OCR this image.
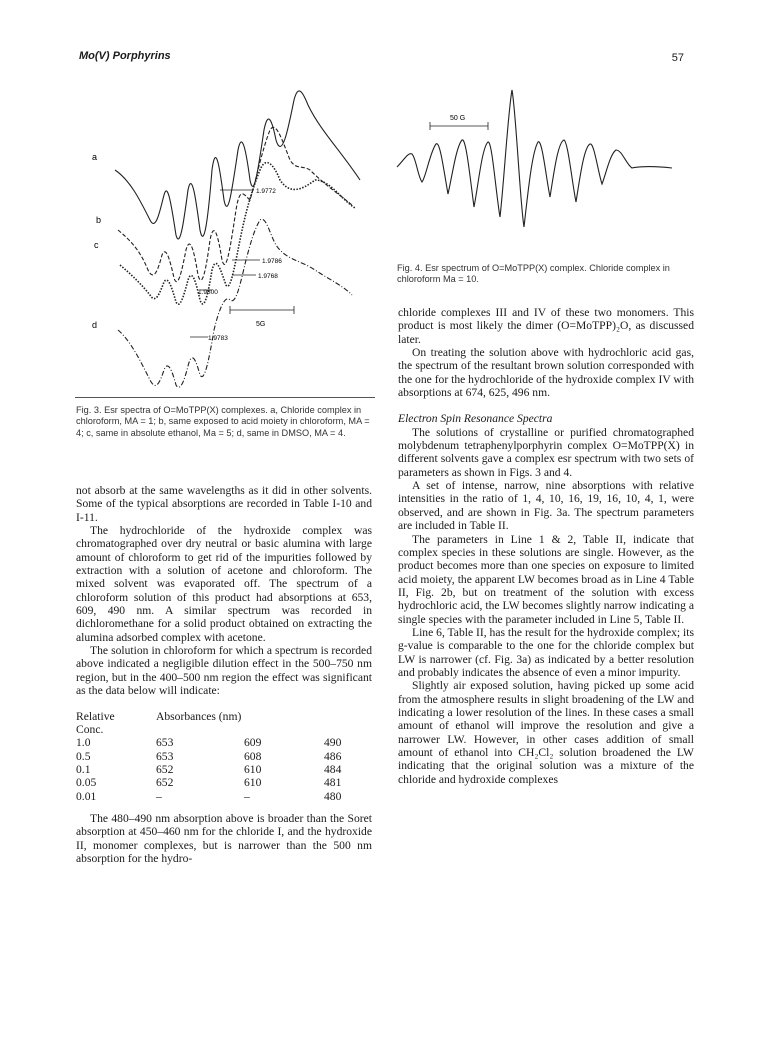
Mo(V) Porphyrins	57
a
b
c
d
1.9772
1.9786
1.9768
1.9800
1.9783
5G
Fig. 3. Esr spectra of O=MoTPP(X) complexes. a, Chloride complex in chloroform, MA = 1; b, same exposed to acid moiety in chloroform, MA = 4; c, same in absolute ethanol, Ma = 5; d, same in DMSO, MA = 4.
50 G
Fig. 4. Esr spectrum of O=MoTPP(X) complex. Chloride complex in chloroform Ma = 10.

not absorb at the same wavelengths as it did in other solvents. Some of the typical absorptions are recorded in Table I-10 and I-11.

The hydrochloride of the hydroxide complex was chromatographed over dry neutral or basic alumina with large amount of chloroform to get rid of the impurities followed by extraction with a solution of acetone and chloroform. The mixed solvent was evaporated off. The spectrum of a chloroform solution of this product had absorptions at 653, 609, 490 nm. A similar spectrum was recorded in dichloromethane for a solid product obtained on extracting the alumina adsorbed complex with acetone.

The solution in chloroform for which a spectrum is recorded above indicated a negligible dilution effect in the 500–750 nm region, but in the 400–500 nm region the effect was significant as the data below will indicate:

Relative	Absorbances (nm)		
Conc.			
1.0	653	609	490
0.5	653	608	486
0.1	652	610	484
0.05	652	610	481
0.01	–	–	480

The 480–490 nm absorption above is broader than the Soret absorption at 450–460 nm for the chloride I, and the hydroxide II, monomer complexes, but is narrower than the 500 nm absorption for the hydro-

chloride complexes III and IV of these two monomers. This product is most likely the dimer (O=MoTPP)₂O, as discussed later.

On treating the solution above with hydrochloric acid gas, the spectrum of the resultant brown solution corresponded with the one for the hydrochloride of the hydroxide complex IV with absorptions at 674, 625, 496 nm.

Electron Spin Resonance Spectra

The solutions of crystalline or purified chromatographed molybdenum tetraphenylporphyrin complex O=MoTPP(X) in different solvents gave a complex esr spectrum with two sets of parameters as shown in Figs. 3 and 4.

A set of intense, narrow, nine absorptions with relative intensities in the ratio of 1, 4, 10, 16, 19, 16, 10, 4, 1, were observed, and are shown in Fig. 3a. The spectrum parameters are included in Table II.

The parameters in Line 1 & 2, Table II, indicate that complex species in these solutions are single. However, as the product becomes more than one species on exposure to limited acid moiety, the apparent LW becomes broad as in Line 4 Table II, Fig. 2b, but on treatment of the solution with excess hydrochloric acid, the LW becomes slightly narrow indicating a single species with the parameter included in Line 5, Table II.

Line 6, Table II, has the result for the hydroxide complex; its g-value is comparable to the one for the chloride complex but LW is narrower (cf. Fig. 3a) as indicated by a better resolution and probably indicates the absence of even a minor impurity.

Slightly air exposed solution, having picked up some acid from the atmosphere results in slight broadening of the LW and indicating a lower resolution of the lines. In these cases a small amount of ethanol will improve the resolution and give a narrower LW. However, in other cases addition of small amount of ethanol into CH₂Cl₂ solution broadened the LW indicating that the original solution was a mixture of the chloride and hydroxide complexes
